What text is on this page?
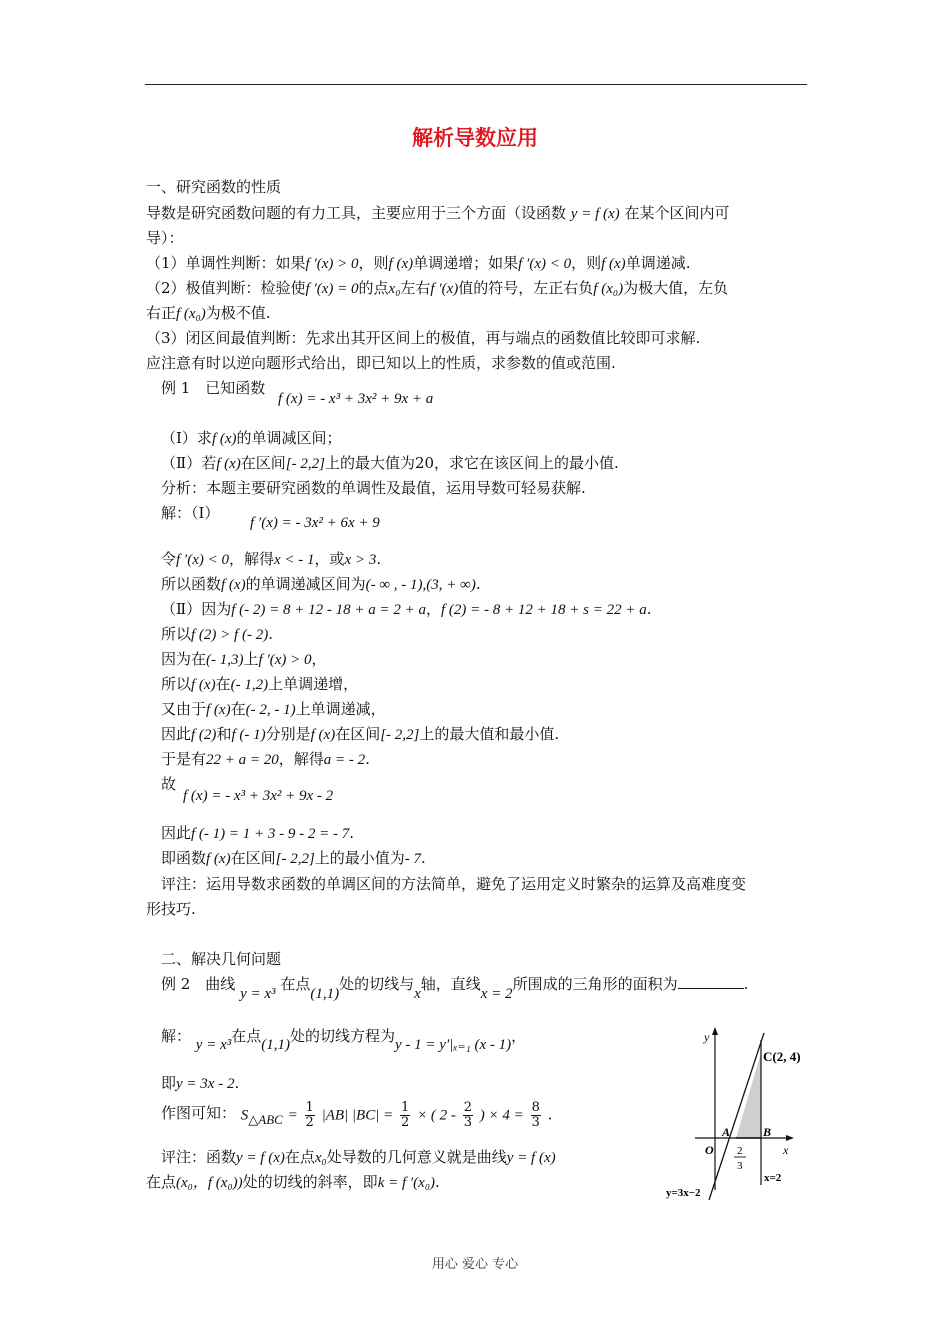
解析导数应用
一、研究函数的性质
导数是研究函数问题的有力工具，主要应用于三个方面（设函数 y = f (x) 在某个区间内可
导）：
（1）单调性判断：如果f ′(x) > 0，则f (x)单调递增；如果f ′(x) < 0，则f (x)单调递减.
（2）极值判断：检验使f ′(x) = 0的点x₀左右f ′(x)值的符号，左正右负f (x₀)为极大值，左负
右正f (x₀)为极不值.
（3）闭区间最值判断：先求出其开区间上的极值，再与端点的函数值比较即可求解.
应注意有时以逆向题形式给出，即已知以上的性质，求参数的值或范围.
例 1　已知函数
f (x) = - x³ + 3x² + 9x + a
（Ⅰ）求f (x)的单调减区间；
（Ⅱ）若f (x)在区间[- 2,2]上的最大值为20，求它在该区间上的最小值.
分析：本题主要研究函数的单调性及最值，运用导数可轻易获解.
解：（Ⅰ）
f ′(x) = - 3x² + 6x + 9
令f ′(x) < 0，解得x < - 1，或x > 3.
所以函数f (x)的单调递减区间为(- ∞ , - 1),(3, + ∞).
（Ⅱ）因为f (- 2) = 8 + 12 - 18 + a = 2 + a，f (2) = - 8 + 12 + 18 + s = 22 + a.
所以f (2) > f (- 2).
因为在(- 1,3)上f ′(x) > 0，
所以f (x)在(- 1,2)上单调递增，
又由于f (x)在(- 2, - 1)上单调递减，
因此f (2)和f (- 1)分别是f (x)在区间[- 2,2]上的最大值和最小值.
于是有22 + a = 20，解得a = - 2.
故
f (x) = - x³ + 3x² + 9x - 2
因此f (- 1) = 1 + 3 - 9 - 2 = - 7.
即函数f (x)在区间[- 2,2]上的最小值为- 7.
评注：运用导数求函数的单调区间的方法简单，避免了运用定义时繁杂的运算及高难度变
形技巧.
二、解决几何问题
例 2　曲线 y = x³ 在点(1,1)处的切线与x轴，直线x = 2所围成的三角形的面积为	.
解： y = x³在点(1,1)处的切线方程为y - 1 = y′|ₓ₌₁ (x - 1)，
即y = 3x - 2.
作图可知： S△ABC = $\frac{1}{2} |AB|$ $|BC| = \frac{1}{2}$ × ( $2 - \frac{2}{3}$ ) × $4 = \frac{8}{3}$ .
评注：函数y = f (x)在点x₀处导数的几何意义就是曲线y = f (x)
在点(x₀，f (x₀))处的切线的斜率，即k = f ′(x₀).
y
x
O
A	B
C(2, 4)
2
3
y=3x−2
x=2
用心 爱心 专心
